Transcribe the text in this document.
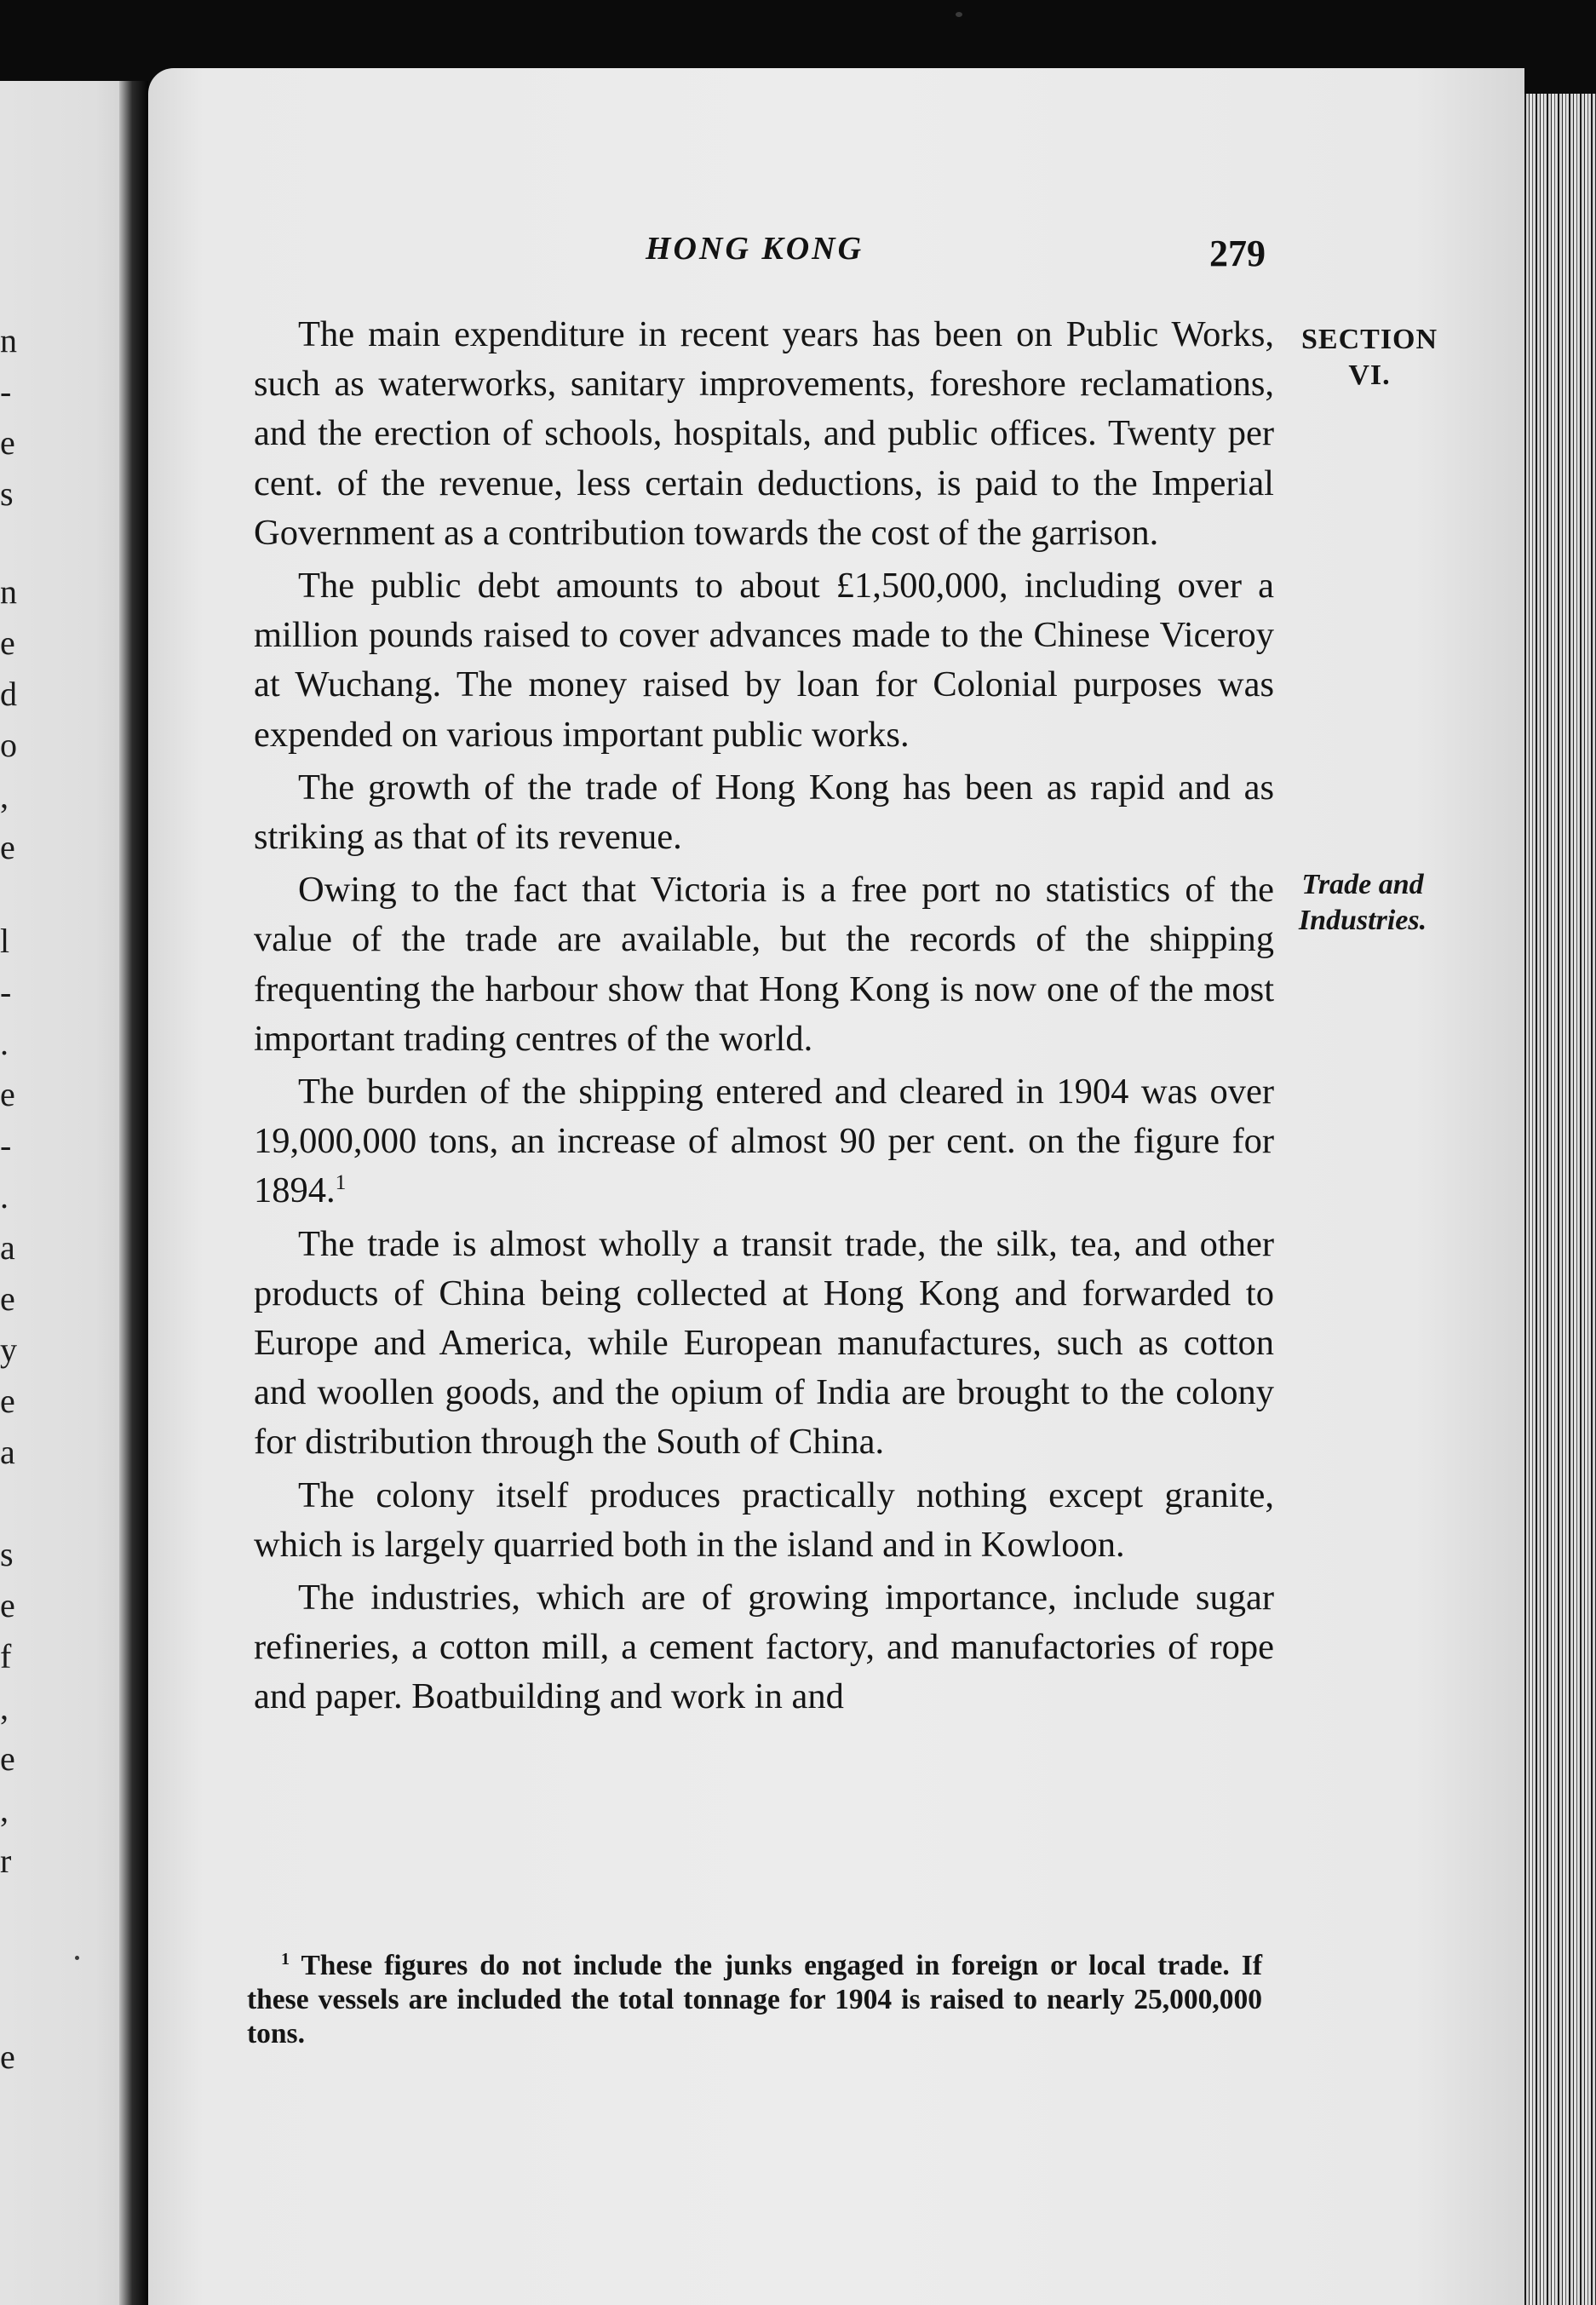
n
-
e
s
n
e
d
o
,
e
l
-
.
e
-
.
a
e
y
e
a
s
e
f
,
e
,
r
e
HONG KONG	279
SECTION
VI.
Trade and
Industries.

The main expenditure in recent years has been on Public Works, such as waterworks, sanitary improvements, foreshore reclamations, and the erection of schools, hospitals, and public offices. Twenty per cent. of the revenue, less certain deductions, is paid to the Imperial Government as a contribution towards the cost of the garrison.

The public debt amounts to about £1,500,000, including over a million pounds raised to cover advances made to the Chinese Viceroy at Wuchang. The money raised by loan for Colonial purposes was expended on various important public works.

The growth of the trade of Hong Kong has been as rapid and as striking as that of its revenue.

Owing to the fact that Victoria is a free port no statistics of the value of the trade are available, but the records of the shipping frequenting the harbour show that Hong Kong is now one of the most important trading centres of the world.

The burden of the shipping entered and cleared in 1904 was over 19,000,000 tons, an increase of almost 90 per cent. on the figure for 1894.$^1$

The trade is almost wholly a transit trade, the silk, tea, and other products of China being collected at Hong Kong and forwarded to Europe and America, while European manufactures, such as cotton and woollen goods, and the opium of India are brought to the colony for distribution through the South of China.

The colony itself produces practically nothing except granite, which is largely quarried both in the island and in Kowloon.

The industries, which are of growing importance, include sugar refineries, a cotton mill, a cement factory, and manufactories of rope and paper. Boatbuilding and work in and

$^1$ These figures do not include the junks engaged in foreign or local trade. If these vessels are included the total tonnage for 1904 is raised to nearly 25,000,000 tons.
